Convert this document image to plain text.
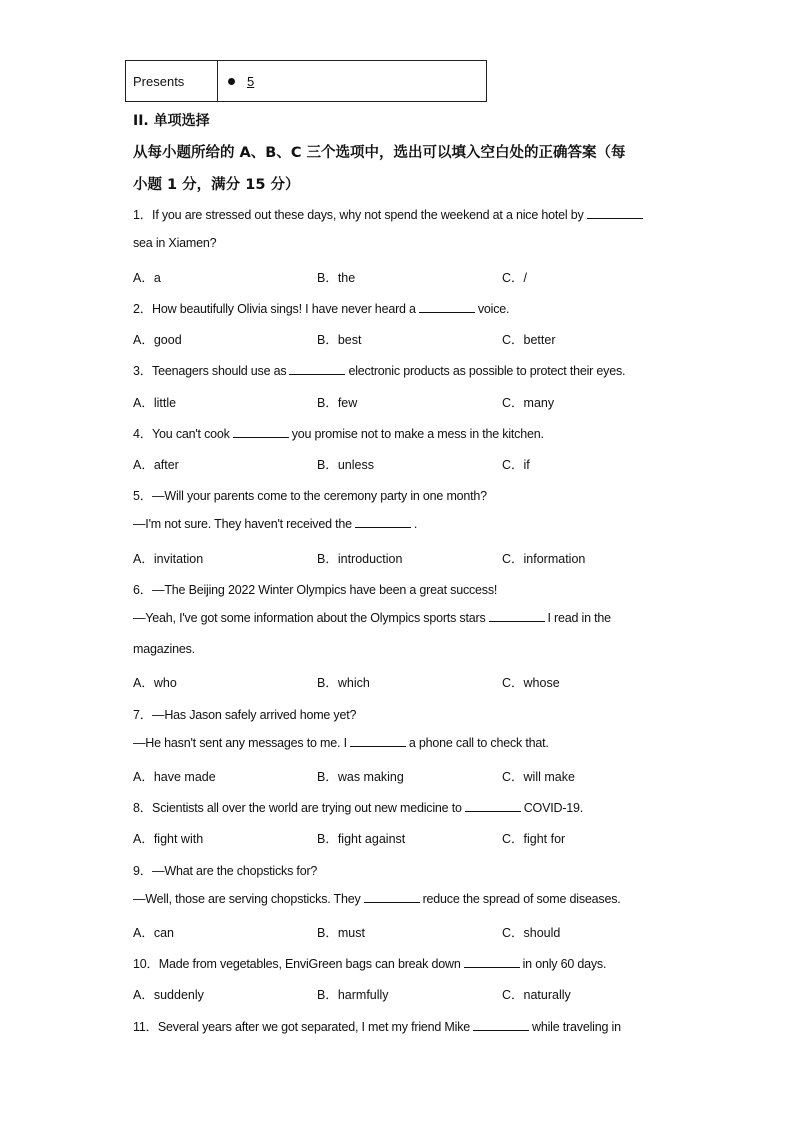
Presents	5
II. 单项选择
从每小题所给的 A、B、C 三个选项中，选出可以填入空白处的正确答案（每
小题 1 分，满分 15 分）
1．If you are stressed out these days, why not spend the weekend at a nice hotel by
sea in Xiamen?
A．a	B．the	C．/
2．How beautifully Olivia sings! I have never heard a	voice.
A．good	B．best	C．better
3．Teenagers should use as	electronic products as possible to protect their eyes.
A．little	B．few	C．many
4．You can't cook	you promise not to make a mess in the kitchen.
A．after	B．unless	C．if
5．—Will your parents come to the ceremony party in one month?
—I'm not sure. They haven't received the	.
A．invitation	B．introduction	C．information
6．—The Beijing 2022 Winter Olympics have been a great success!
—Yeah, I've got some information about the Olympics sports stars	I read in the
magazines.
A．who	B．which	C．whose
7．—Has Jason safely arrived home yet?
—He hasn't sent any messages to me. I	a phone call to check that.
A．have made	B．was making	C．will make
8．Scientists all over the world are trying out new medicine to	COVID-19.
A．fight with	B．fight against	C．fight for
9．—What are the chopsticks for?
—Well, those are serving chopsticks. They	reduce the spread of some diseases.
A．can	B．must	C．should
10．Made from vegetables, EnviGreen bags can break down	in only 60 days.
A．suddenly	B．harmfully	C．naturally
11．Several years after we got separated, I met my friend Mike	while traveling in
